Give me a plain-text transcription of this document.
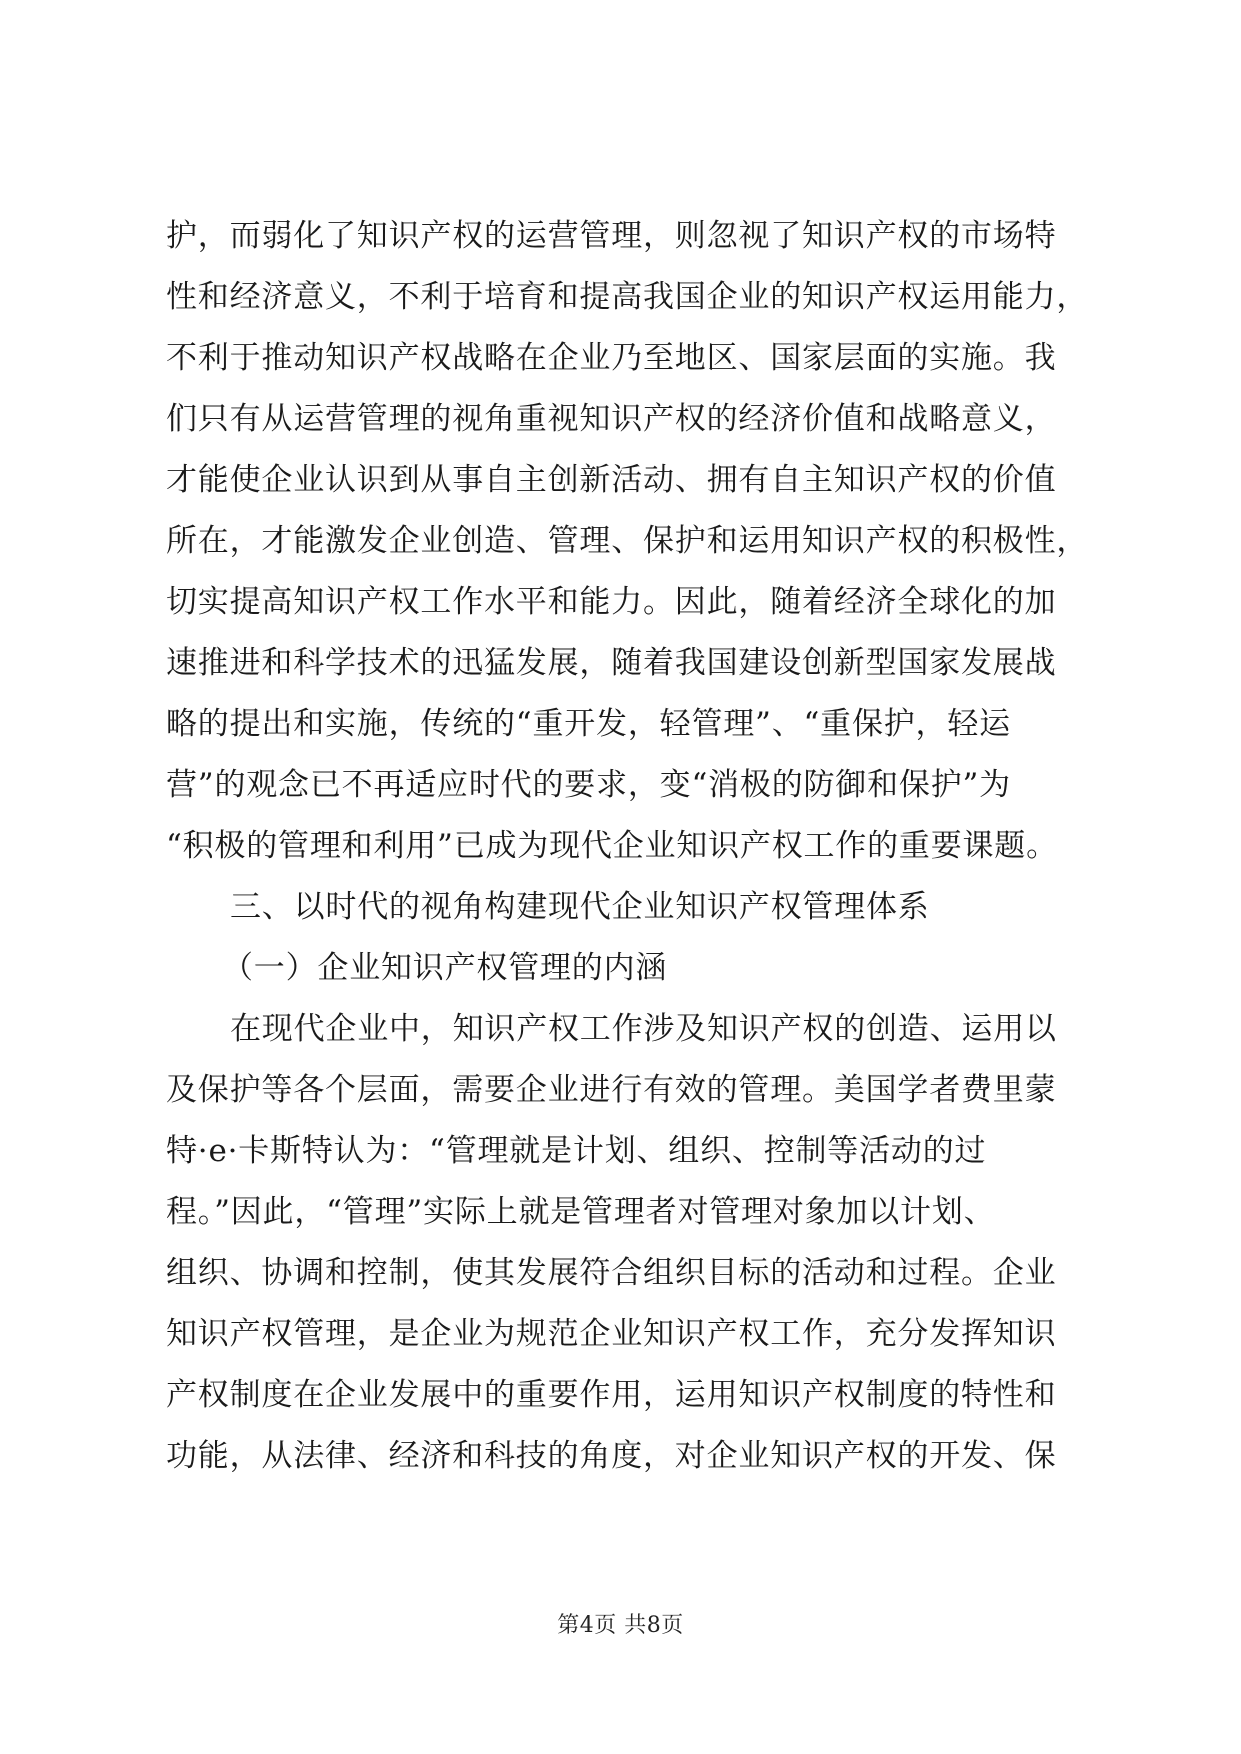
护，而弱化了知识产权的运营管理，则忽视了知识产权的市场特
性和经济意义，不利于培育和提高我国企业的知识产权运用能力，
不利于推动知识产权战略在企业乃至地区、国家层面的实施。我
们只有从运营管理的视角重视知识产权的经济价值和战略意义，
才能使企业认识到从事自主创新活动、拥有自主知识产权的价值
所在，才能激发企业创造、管理、保护和运用知识产权的积极性，
切实提高知识产权工作水平和能力。因此，随着经济全球化的加
速推进和科学技术的迅猛发展，随着我国建设创新型国家发展战
略的提出和实施，传统的“重开发，轻管理”、“重保护，轻运
营”的观念已不再适应时代的要求，变“消极的防御和保护”为
“积极的管理和利用”已成为现代企业知识产权工作的重要课题。
三、以时代的视角构建现代企业知识产权管理体系
（一）企业知识产权管理的内涵
在现代企业中，知识产权工作涉及知识产权的创造、运用以
及保护等各个层面，需要企业进行有效的管理。美国学者费里蒙
特·e·卡斯特认为：“管理就是计划、组织、控制等活动的过
程。”因此，“管理”实际上就是管理者对管理对象加以计划、
组织、协调和控制，使其发展符合组织目标的活动和过程。企业
知识产权管理，是企业为规范企业知识产权工作，充分发挥知识
产权制度在企业发展中的重要作用，运用知识产权制度的特性和
功能，从法律、经济和科技的角度，对企业知识产权的开发、保
第4页 共8页
